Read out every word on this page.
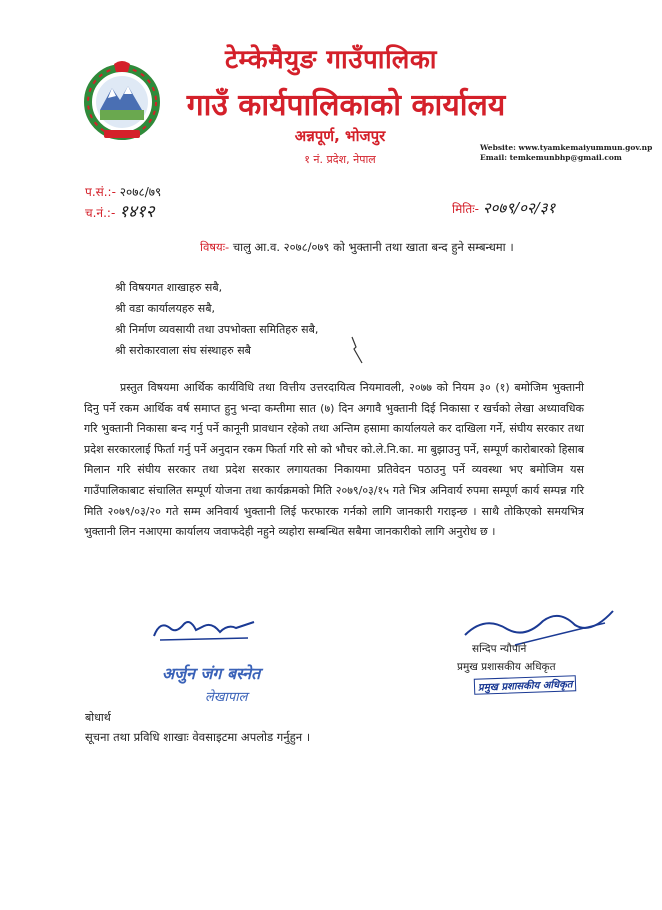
टेम्केमैयुङ गाउँपालिका
गाउँ कार्यपालिकाको कार्यालय
अन्नपूर्ण, भोजपुर
१ नं. प्रदेश, नेपाल
Website: www.tyamkemaiyummun.gov.np
Email: temkemunbhp@gmail.com
प.सं.:- २०७८/७९
च.नं.:- १४१२	मितिः- २०७९/०२/३१
विषयः- चालु आ.व. २०७८/०७९ को भुक्तानी तथा खाता बन्द हुने सम्बन्धमा ।
श्री विषयगत शाखाहरु सबै,
श्री वडा कार्यालयहरु सबै,
श्री निर्माण व्यवसायी तथा उपभोक्ता समितिहरु सबै,
श्री सरोकारवाला संघ संस्थाहरु सबै
प्रस्तुत विषयमा आर्थिक कार्यविधि तथा वित्तीय उत्तरदायित्व नियमावली, २०७७ को नियम ३० (१) बमोजिम भुक्तानी दिनु पर्ने रकम आर्थिक वर्ष समाप्त हुनु भन्दा कम्तीमा सात (७) दिन अगावै भुक्तानी दिई निकासा र खर्चको लेखा अध्यावधिक गरि भुक्तानी निकासा बन्द गर्नु पर्ने कानूनी प्रावधान रहेको तथा अन्तिम हसामा कार्यालयले कर दाखिला गर्ने, संघीय सरकार तथा प्रदेश सरकारलाई फिर्ता गर्नु पर्ने अनुदान रकम फिर्ता गरि सो को भौचर को.ले.नि.का. मा बुझाउनु पर्ने, सम्पूर्ण कारोबारको हिसाब मिलान गरि संघीय सरकार तथा प्रदेश सरकार लगायतका निकायमा प्रतिवेदन पठाउनु पर्ने व्यवस्था भए बमोजिम यस गाउँपालिकाबाट संचालित सम्पूर्ण योजना तथा कार्यक्रमको मिति २०७९/०३/१५ गते भित्र अनिवार्य रुपमा सम्पूर्ण कार्य सम्पन्न गरि मिति २०७९/०३/२० गते सम्म अनिवार्य भुक्तानी लिई फरफारक गर्नको लागि जानकारी गराइन्छ । साथै तोकिएको समयभित्र भुक्तानी लिन नआएमा कार्यालय जवाफदेही नहुने व्यहोरा सम्बन्धित सबैमा जानकारीको लागि अनुरोध छ ।
अर्जुन जंग बस्नेत
लेखापाल
सन्दिप न्यौपाने
प्रमुख प्रशासकीय अधिकृत
प्रमुख प्रशासकीय अधिकृत
बोधार्थ
सूचना तथा प्रविधि शाखाः वेवसाइटमा अपलोड गर्नुहुन ।
